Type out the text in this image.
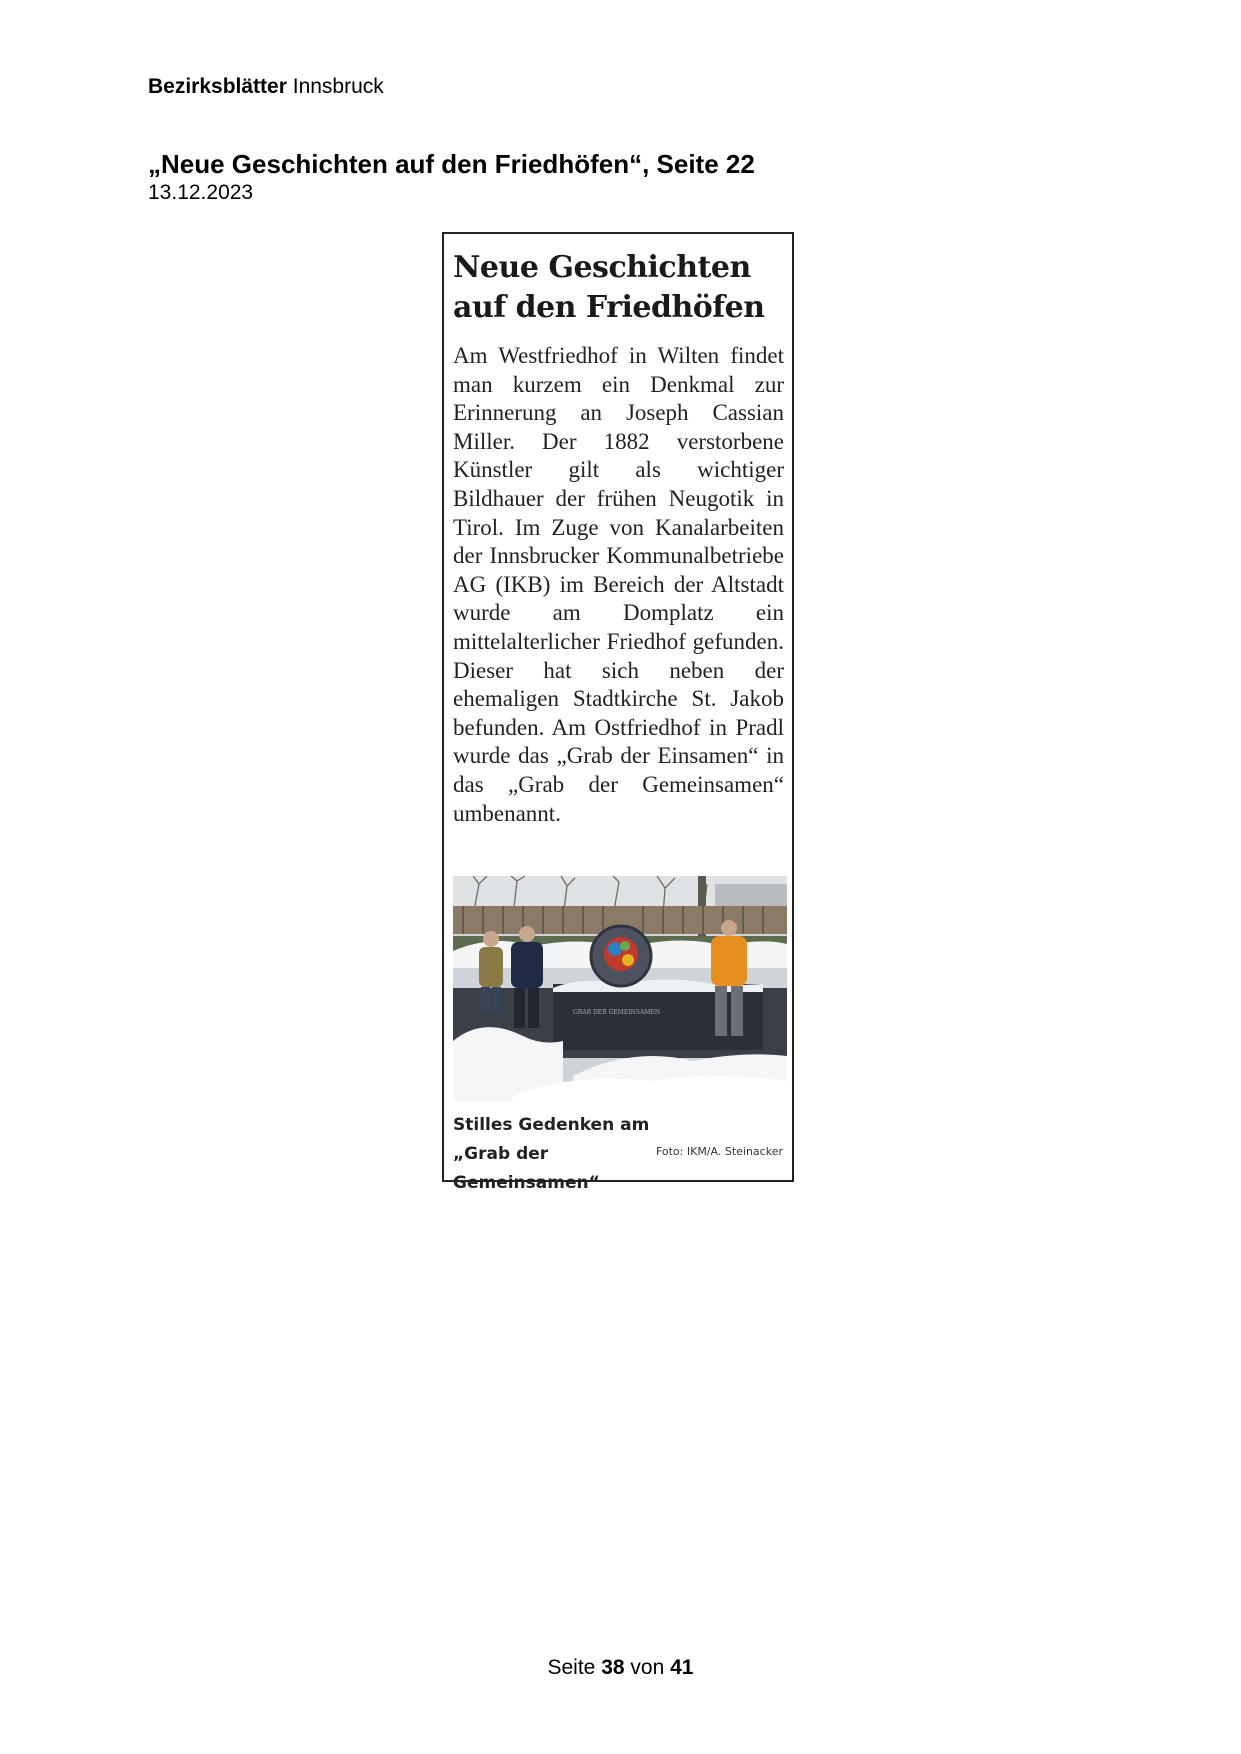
Bezirksblätter Innsbruck
„Neue Geschichten auf den Friedhöfen“, Seite 22
13.12.2023
Neue Geschichten
auf den Friedhöfen

Am Westfriedhof in Wilten findet man kurzem ein Denkmal zur Erinnerung an Joseph Cassian Miller. Der 1882 verstorbene Künstler gilt als wichtiger Bildhauer der frühen Neugotik in Tirol. Im Zuge von Kanalarbeiten der Innsbrucker Kommunalbetriebe AG (IKB) im Bereich der Altstadt wurde am Domplatz ein mittelalterlicher Friedhof gefunden. Dieser hat sich neben der ehemaligen Stadtkirche St. Jakob befunden. Am Ostfriedhof in Pradl wurde das „Grab der Einsamen“ in das „Grab der Gemeinsamen“ umbenannt.

GRAB DER GEMEINSAMEN

Stilles Gedenken am „Grab der Gemeinsamen“

Foto: IKM/A. Steinacker
Seite 38 von 41
